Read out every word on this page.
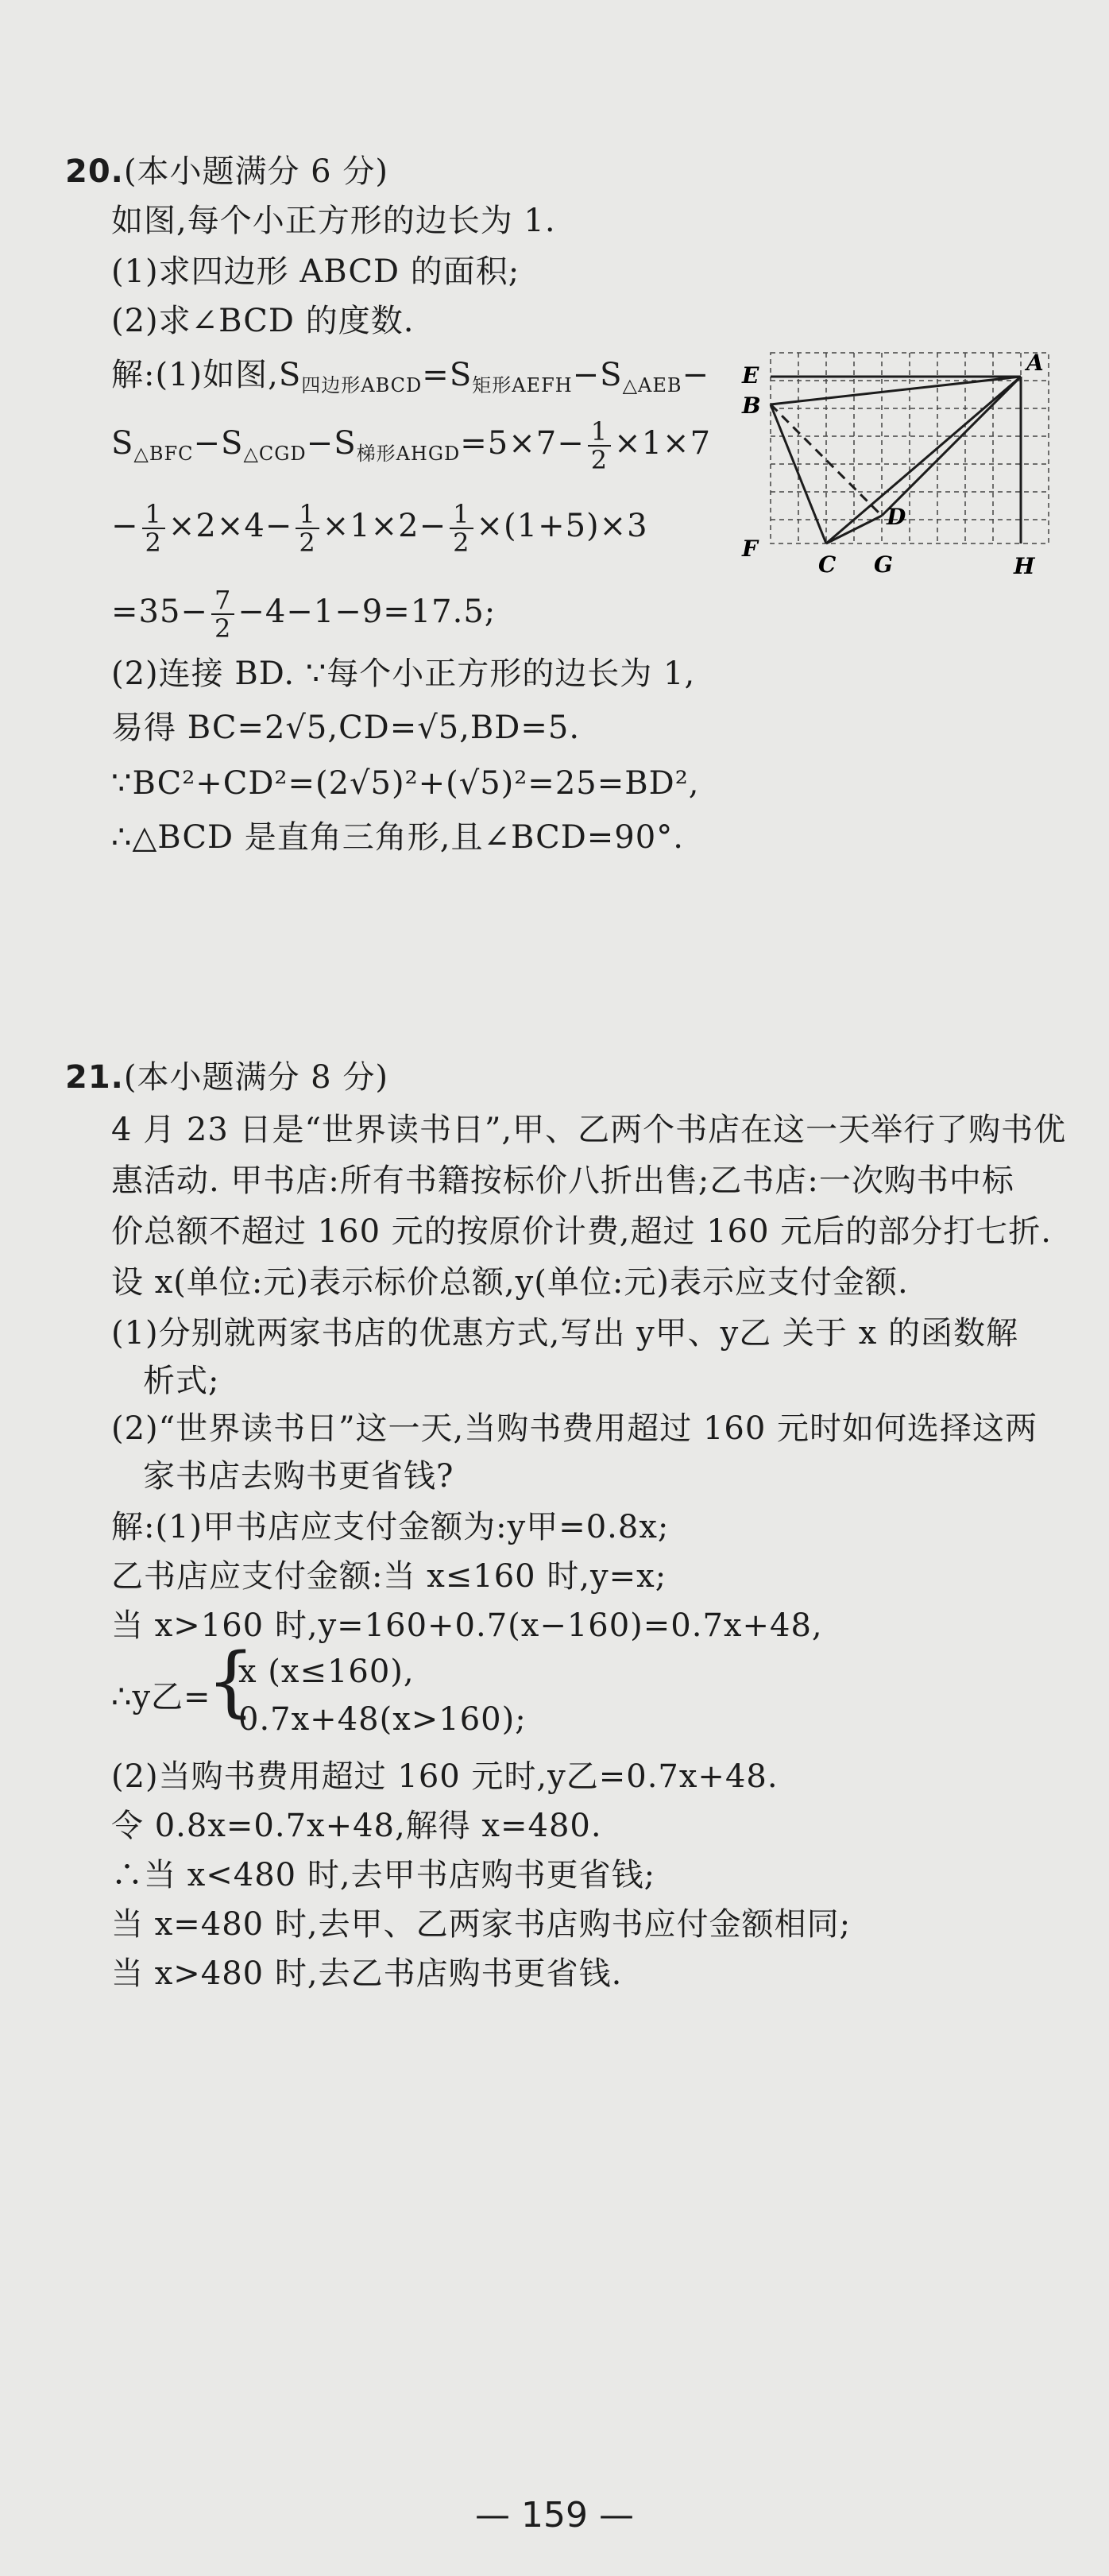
20.(本小题满分 6 分)
如图,每个小正方形的边长为 1.
(1)求四边形 ABCD 的面积;
(2)求∠BCD 的度数.
解:(1)如图$,S_{四边形ABCD}=S_{矩形AEFH}-S_{\triangle AEB}-$
$S_{\triangle BFC}-S_{\triangle CGD}-S_{梯形AHGD}=5\times 7- \frac{1}{2} \times 1\times 7$
− $\frac{1}{2} \times 2\times 4- \frac{1}{2} \times 1\times 2- \frac{1}{2} \times(1+5)\times 3$
$=35- \frac{7}{2} -4-1-9=17.5$;
(2)连接 BD. ∵每个小正方形的边长为 1,
易得 BC=2√5,CD=√5,BD=5.
∵BC²+CD²=(2√5)²+(√5)²=25=BD²,
∴△BCD 是直角三角形,且∠BCD=90°.
E	A
B
D
F
C G	H
21.(本小题满分 8 分)
4 月 23 日是“世界读书日”,甲、乙两个书店在这一天举行了购书优
惠活动. 甲书店:所有书籍按标价八折出售;乙书店:一次购书中标
价总额不超过 160 元的按原价计费,超过 160 元后的部分打七折.
设 x(单位:元)表示标价总额,y(单位:元)表示应支付金额.
(1)分别就两家书店的优惠方式,写出 y甲、y乙 关于 x 的函数解
析式;
(2)“世界读书日”这一天,当购书费用超过 160 元时如何选择这两
家书店去购书更省钱?
解:(1)甲书店应支付金额为:y甲=0.8x;
乙书店应支付金额:当 x≤160 时,y=x;
当 x>160 时,y=160+0.7(x−160)=0.7x+48,
∴y乙=
{
x (x≤160),
0.7x+48(x>160);
(2)当购书费用超过 160 元时,y乙=0.7x+48.
令 0.8x=0.7x+48,解得 x=480.
∴当 x<480 时,去甲书店购书更省钱;
当 x=480 时,去甲、乙两家书店购书应付金额相同;
当 x>480 时,去乙书店购书更省钱.
— 159 —
